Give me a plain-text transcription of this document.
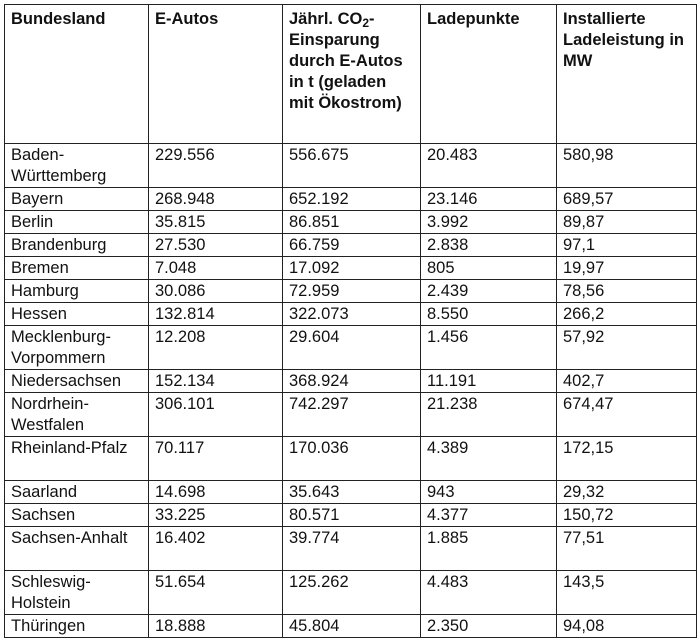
Bundesland	E-Autos	Jährl. $CO_2$-Einsparung durch E-Autos in t (geladen mit Ökostrom)	Ladepunkte	Installierte Ladeleistung in MW
Baden-Württemberg	229.556	556.675	20.483	580,98
Bayern	268.948	652.192	23.146	689,57
Berlin	35.815	86.851	3.992	89,87
Brandenburg	27.530	66.759	2.838	97,1
Bremen	7.048	17.092	805	19,97
Hamburg	30.086	72.959	2.439	78,56
Hessen	132.814	322.073	8.550	266,2
Mecklenburg-Vorpommern	12.208	29.604	1.456	57,92
Niedersachsen	152.134	368.924	11.191	402,7
Nordrhein-Westfalen	306.101	742.297	21.238	674,47
Rheinland-Pfalz	70.117	170.036	4.389	172,15
Saarland	14.698	35.643	943	29,32
Sachsen	33.225	80.571	4.377	150,72
Sachsen-Anhalt	16.402	39.774	1.885	77,51
Schleswig-Holstein	51.654	125.262	4.483	143,5
Thüringen	18.888	45.804	2.350	94,08
